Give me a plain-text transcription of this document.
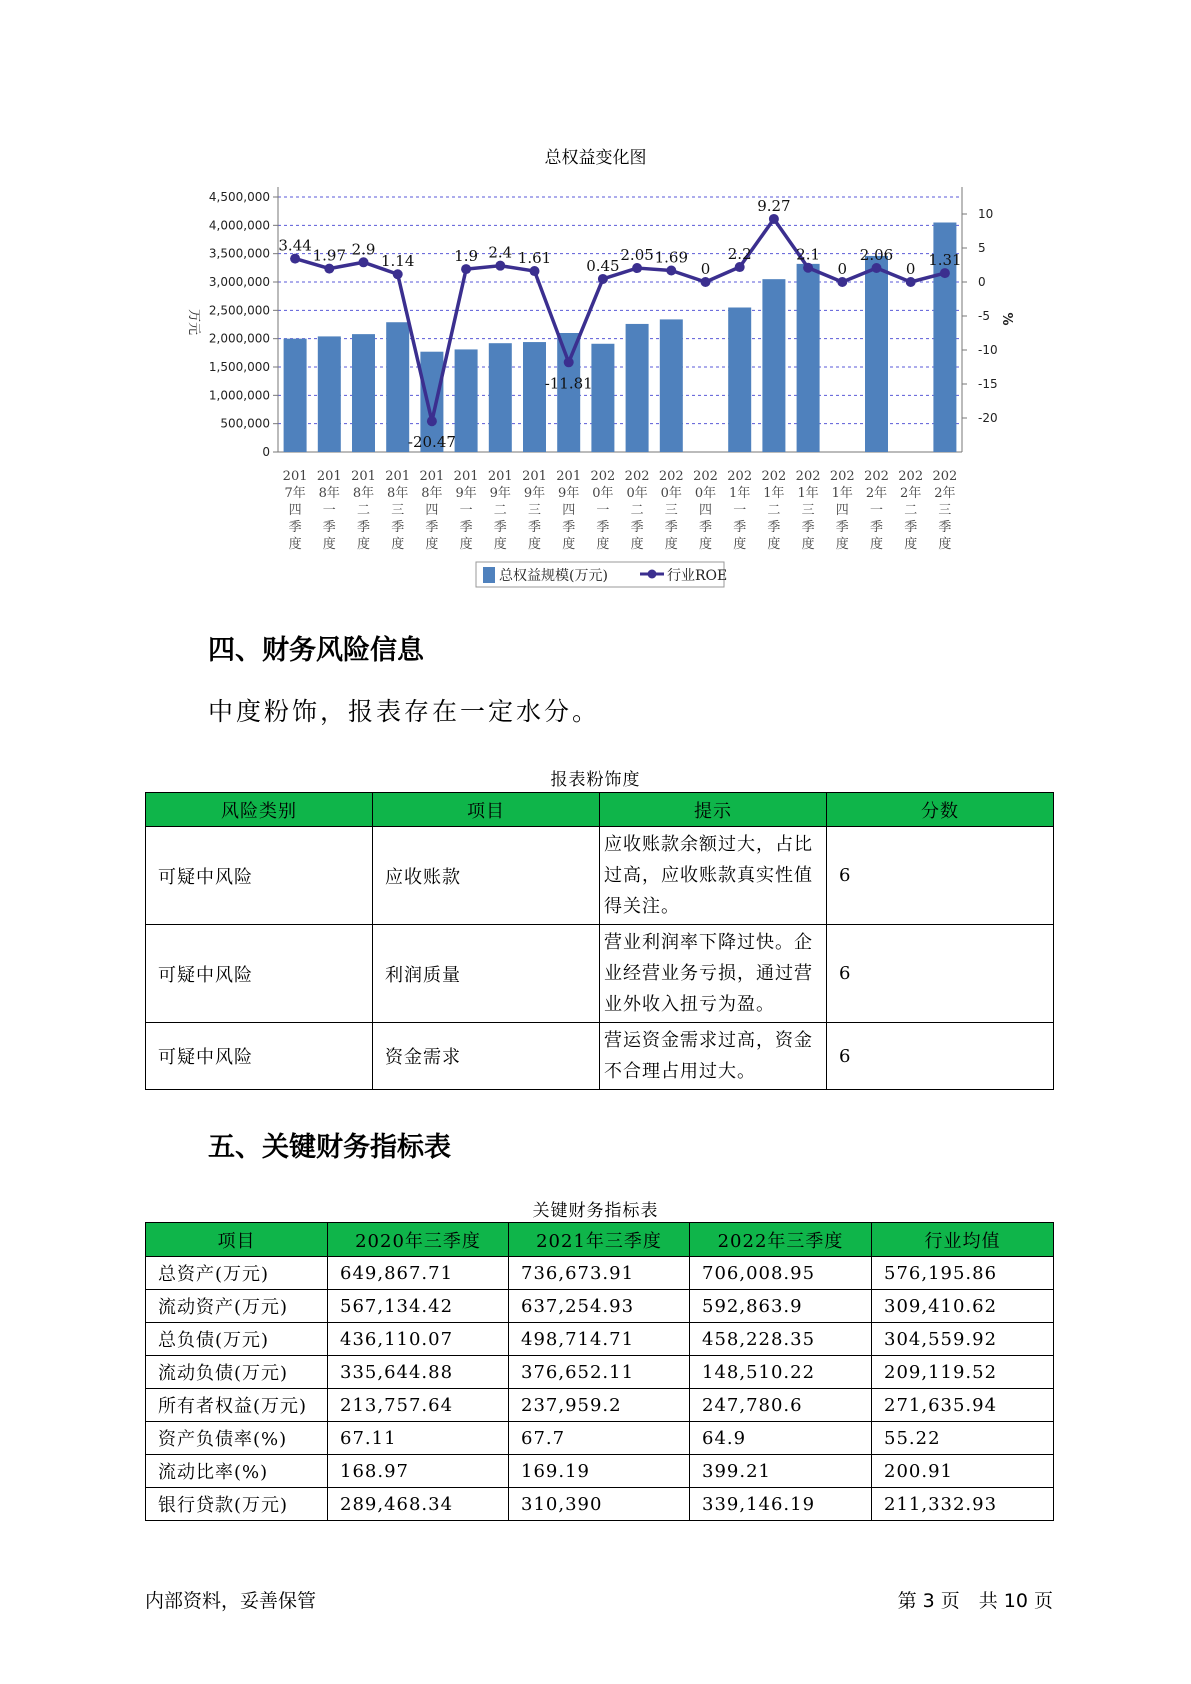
总权益变化图
4,500,000
4,000,000
3,500,000
3,000,000
2,500,000
2,000,000
1,500,000
1,000,000
500,000
0
10
5
0
-5
-10
-15
-20
万元	%
201
7年
四
季
度
201
8年
一
季
度
201
8年
二
季
度
201
8年
三
季
度
201
8年
四
季
度
201
9年
一
季
度
201
9年
二
季
度
201
9年
三
季
度
201
9年
四
季
度
202
0年
一
季
度
202
0年
二
季
度
202
0年
三
季
度
202
0年
四
季
度
202
1年
一
季
度
202
1年
二
季
度
202
1年
三
季
度
202
1年
四
季
度
202
2年
一
季
度
202
2年
二
季
度
202
2年
三
季
度
3.44
1.97 2.9
1.14
-20.47
1.9 2.4 1.61
-11.81
0.45
2.05 1.69
0
2.2
9.27
2.1
0
2.06
0 1.31
总权益规模(万元)	行业ROE
四、财务风险信息
中度粉饰，报表存在一定水分。
报表粉饰度
风险类别	项目	提示	分数
可疑中风险	应收账款	应收账款余额过大，占比过高，应收账款真实性值得关注。	6
可疑中风险	利润质量	营业利润率下降过快。企业经营业务亏损，通过营业外收入扭亏为盈。	6
可疑中风险	资金需求	营运资金需求过高，资金不合理占用过大。	6
五、关键财务指标表
关键财务指标表
项目	2020年三季度	2021年三季度	2022年三季度	行业均值
总资产(万元)	649,867.71	736,673.91	706,008.95	576,195.86
流动资产(万元)	567,134.42	637,254.93	592,863.9	309,410.62
总负债(万元)	436,110.07	498,714.71	458,228.35	304,559.92
流动负债(万元)	335,644.88	376,652.11	148,510.22	209,119.52
所有者权益(万元)	213,757.64	237,959.2	247,780.6	271,635.94
资产负债率(%)	67.11	67.7	64.9	55.22
流动比率(%)	168.97	169.19	399.21	200.91
银行贷款(万元)	289,468.34	310,390	339,146.19	211,332.93
内部资料，妥善保管	第 3 页　共 10 页
